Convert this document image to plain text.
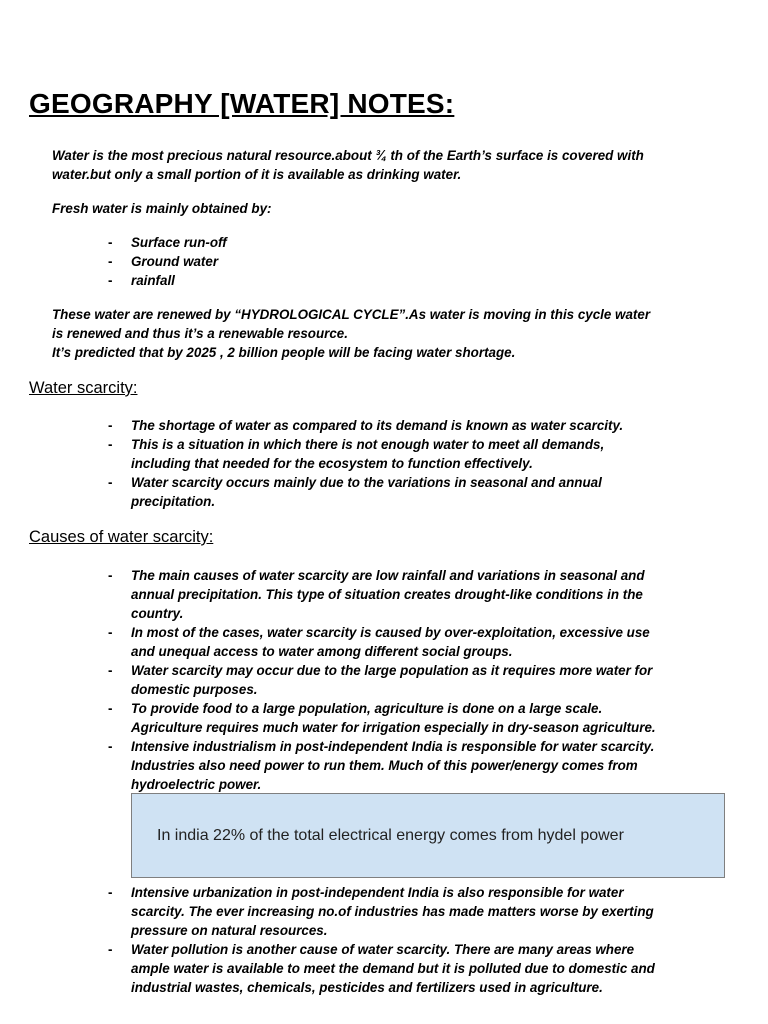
GEOGRAPHY [WATER] NOTES:

Water is the most precious natural resource.about ¾ th of the Earth’s surface is covered with
water.but only a small portion of it is available as drinking water.

Fresh water is mainly obtained by:

- Surface run-off
- Ground water
- rainfall

These water are renewed by “HYDROLOGICAL CYCLE”.As water is moving in this cycle water
is renewed and thus it’s a renewable resource.
It’s predicted that by 2025 , 2 billion people will be facing water shortage.

Water scarcity:
- The shortage of water as compared to its demand is known as water scarcity.
- This is a situation in which there is not enough water to meet all demands,
including that needed for the ecosystem to function effectively.
- Water scarcity occurs mainly due to the variations in seasonal and annual
precipitation.
Causes of water scarcity:
- The main causes of water scarcity are low rainfall and variations in seasonal and
annual precipitation. This type of situation creates drought-like conditions in the
country.
- In most of the cases, water scarcity is caused by over-exploitation, excessive use
and unequal access to water among different social groups.
- Water scarcity may occur due to the large population as it requires more water for
domestic purposes.
- To provide food to a large population, agriculture is done on a large scale.
Agriculture requires much water for irrigation especially in dry-season agriculture.
- Intensive industrialism in post-independent India is responsible for water scarcity.
Industries also need power to run them. Much of this power/energy comes from
hydroelectric power.

In india 22% of the total electrical energy comes from hydel power

- Intensive urbanization in post-independent India is also responsible for water
scarcity. The ever increasing no.of industries has made matters worse by exerting
pressure on natural resources.
- Water pollution is another cause of water scarcity. There are many areas where
ample water is available to meet the demand but it is polluted due to domestic and
industrial wastes, chemicals, pesticides and fertilizers used in agriculture.
